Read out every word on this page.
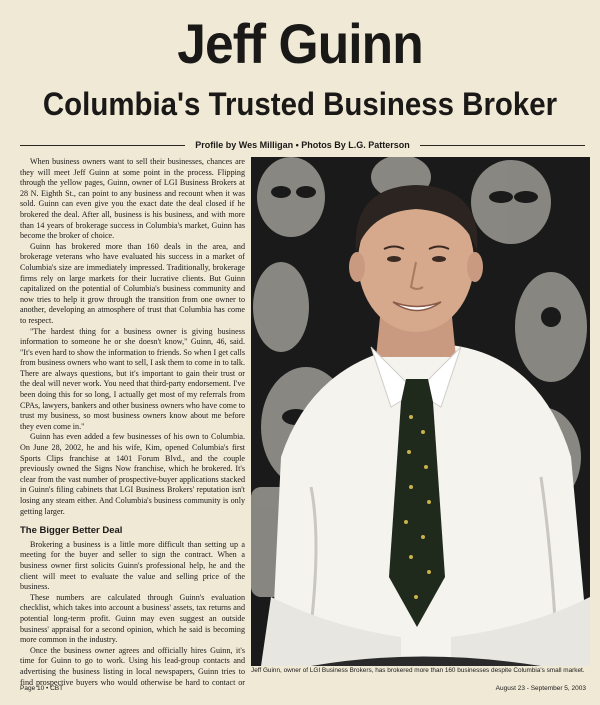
Jeff Guinn
Columbia's Trusted Business Broker
Profile by Wes Milligan • Photos By L.G. Patterson

When business owners want to sell their businesses, chances are they will meet Jeff Guinn at some point in the process. Flipping through the yellow pages, Guinn, owner of LGI Business Brokers at 28 N. Eighth St., can point to any business and recount when it was sold. Guinn can even give you the exact date the deal closed if he brokered the deal. After all, business is his business, and with more than 14 years of brokerage success in Columbia's market, Guinn has become the broker of choice.

Guinn has brokered more than 160 deals in the area, and brokerage veterans who have evaluated his success in a market of Columbia's size are immediately impressed. Traditionally, brokerage firms rely on large markets for their lucrative clients. But Guinn capitalized on the potential of Columbia's business community and now tries to help it grow through the transition from one owner to another, developing an atmosphere of trust that Columbia has come to respect.

"The hardest thing for a business owner is giving business information to someone he or she doesn't know," Guinn, 46, said. "It's even hard to show the information to friends. So when I get calls from business owners who want to sell, I ask them to come in to talk. There are always questions, but it's important to gain their trust or the deal will never work. You need that third-party endorsement. I've been doing this for so long, I actually get most of my referrals from CPAs, lawyers, bankers and other business owners who have come to trust my business, so most business owners know about me before they even come in."

Guinn has even added a few businesses of his own to Columbia. On June 28, 2002, he and his wife, Kim, opened Columbia's first Sports Clips franchise at 1401 Forum Blvd., and the couple previously owned the Signs Now franchise, which he brokered. It's clear from the vast number of prospective-buyer applications stacked in Guinn's filing cabinets that LGI Business Brokers' reputation isn't losing any steam either. And Columbia's business community is only getting larger.

The Bigger Better Deal

Brokering a business is a little more difficult than setting up a meeting for the buyer and seller to sign the contract. When a business owner first solicits Guinn's professional help, he and the client will meet to evaluate the value and selling price of the business.

These numbers are calculated through Guinn's evaluation checklist, which takes into account a business' assets, tax returns and potential long-term profit. Guinn may even suggest an outside business' appraisal for a second opinion, which he said is becoming more common in the industry.

Once the business owner agrees and officially hires Guinn, it's time for Guinn to go to work. Using his lead-group contacts and advertising the business listing in local newspapers, Guinn tries to find prospective buyers who would otherwise be hard to contact or

Jeff Guinn, owner of LGI Business Brokers, has brokered more than 160 businesses despite Columbia's small market.
Page 10 • CBT	August 23 - September 5, 2003
